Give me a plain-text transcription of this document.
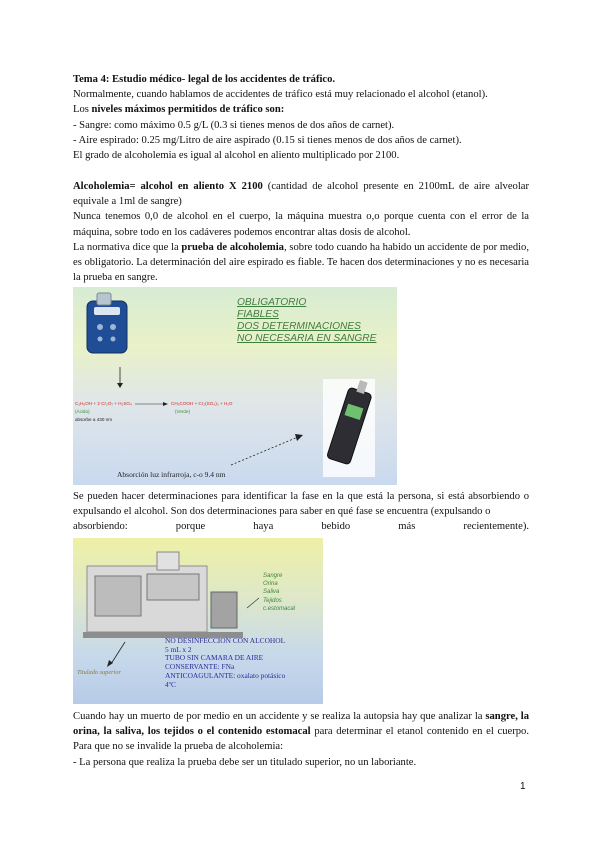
Tema 4: Estudio médico- legal de los accidentes de tráfico.

Normalmente, cuando hablamos de accidentes de tráfico está muy relacionado el alcohol (etanol).

Los niveles máximos permitidos de tráfico son:

- Sangre: como máximo 0.5 g/L (0.3 si tienes menos de dos años de carnet).

- Aire espirado: 0.25 mg/Litro de aire aspirado (0.15 si tienes menos de dos años de carnet).

El grado de alcoholemia es igual al alcohol en aliento multiplicado por 2100.

Alcoholemia= alcohol en aliento X 2100 (cantidad de alcohol presente en 2100mL de aire alveolar equivale a 1ml de sangre)

Nunca tenemos 0,0 de alcohol en el cuerpo, la máquina muestra o,o porque cuenta con el error de la máquina, sobre todo en los cadáveres podemos encontrar altas dosis de alcohol.

La normativa dice que la prueba de alcoholemia, sobre todo cuando ha habido un accidente de por medio, es obligatorio. La determinación del aire espirado es fiable. Te hacen dos determinaciones y no es necesaria la prueba en sangre.

OBLIGATORIO
FIABLES
DOS DETERMINACIONES
NO NECESARIA EN SANGRE
C₂H₅OH + 2 Cr₂O₇ + H₂SO₄
(Ácido)
absorbe a 430 nm
CH₃COOH + Cr₂(SO₄)₃ + H₂O
(Verde)
Absorción luz infrarroja, c-o 9.4 nm

Se pueden hacer determinaciones para identificar la fase en la que está la persona, si está absorbiendo o expulsando el alcohol. Son dos determinaciones para saber en qué fase se encuentra (expulsando o

absorbiendo: porque haya bebido más recientemente).

Sangre
Orina
Saliva
Tejidos
c.estomacal
NO DESINFECCION CON ALCOHOL
5 mL x 2
TUBO SIN CAMARA DE AIRE
CONSERVANTE: FNa
ANTICOAGULANTE: oxalato potásico
4ºC
Titulado superior

Cuando hay un muerto de por medio en un accidente y se realiza la autopsia hay que analizar la sangre, la orina, la saliva, los tejidos o el contenido estomacal para determinar el etanol contenido en el cuerpo. Para que no se invalide la prueba de alcoholemia:

- La persona que realiza la prueba debe ser un titulado superior, no un laboriante.

1
